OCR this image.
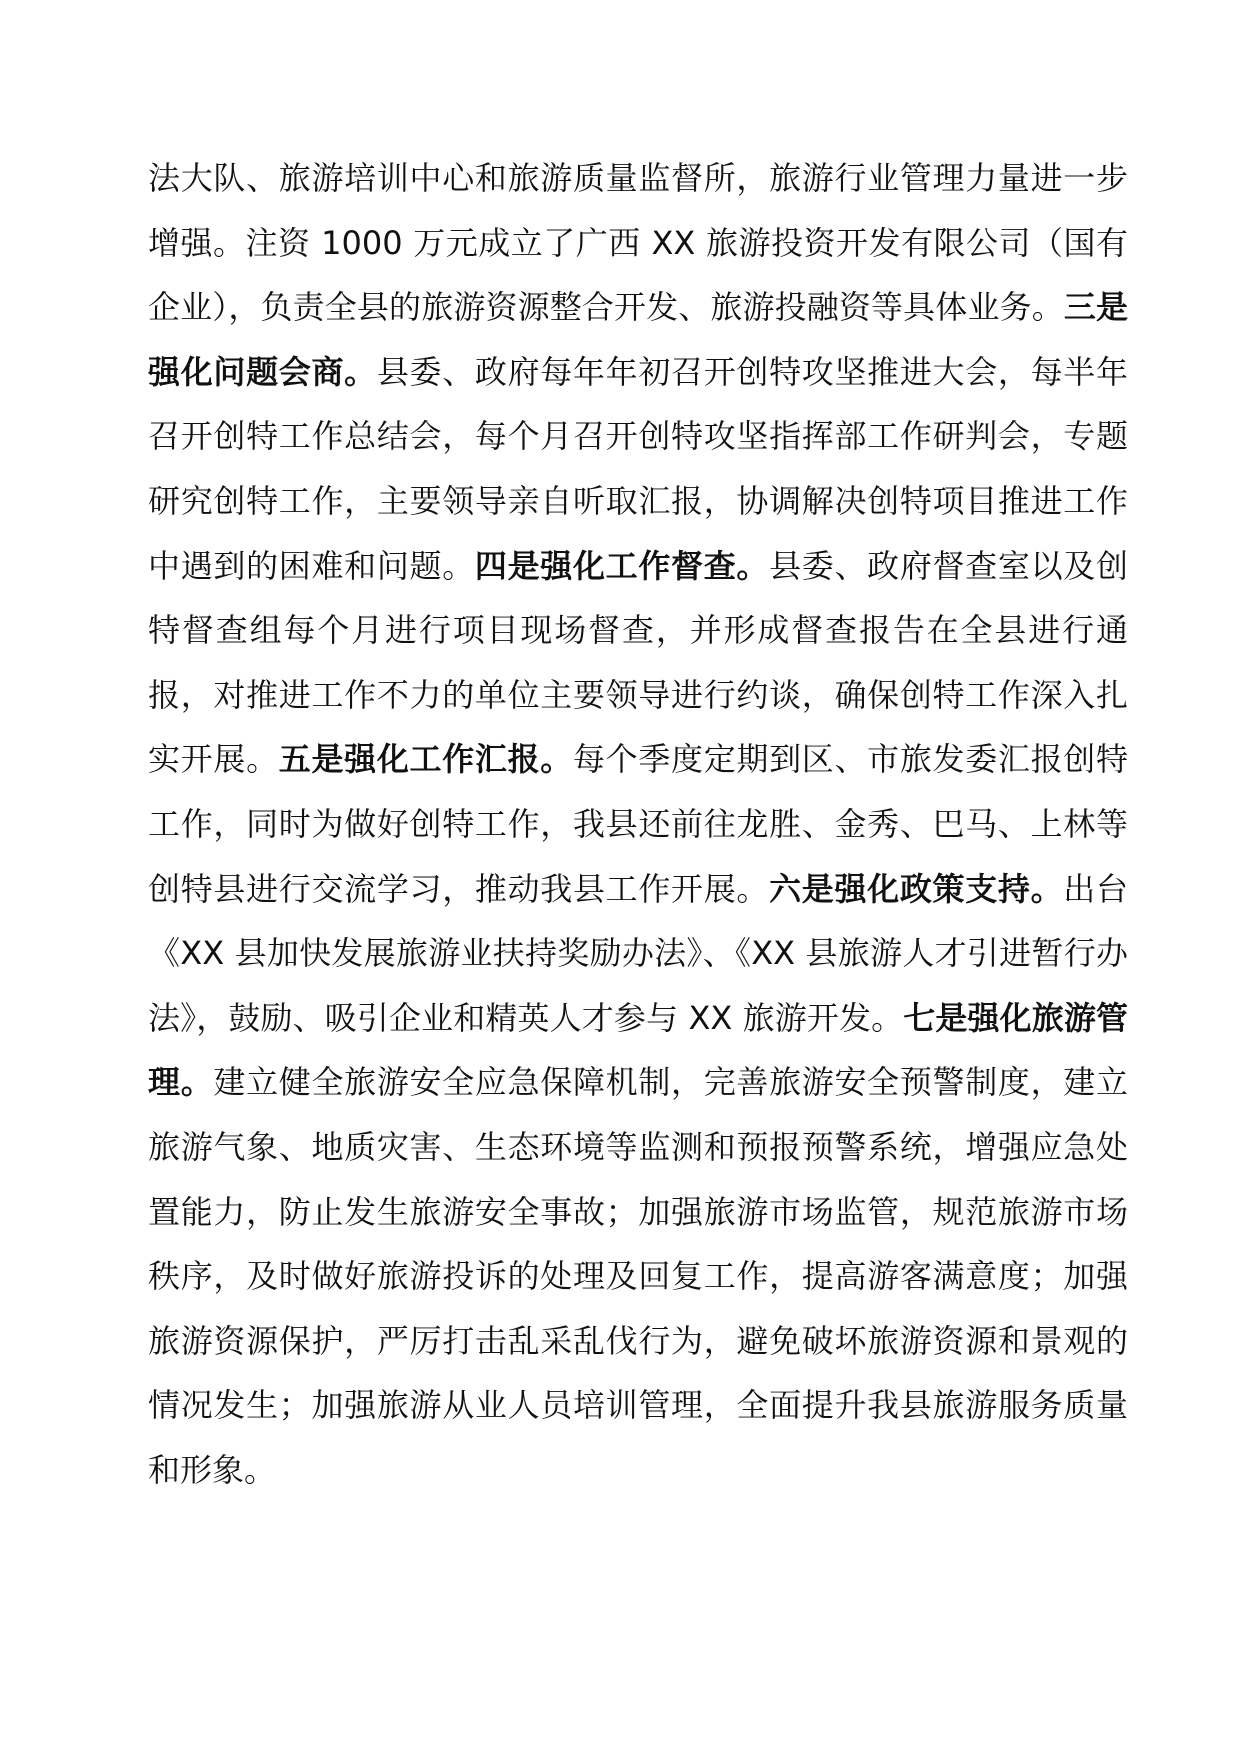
法大队、旅游培训中心和旅游质量监督所，旅游行业管理力量进一步增强。注资 1000 万元成立了广西 XX 旅游投资开发有限公司（国有企业），负责全县的旅游资源整合开发、旅游投融资等具体业务。三是强化问题会商。县委、政府每年年初召开创特攻坚推进大会，每半年召开创特工作总结会，每个月召开创特攻坚指挥部工作研判会，专题研究创特工作，主要领导亲自听取汇报，协调解决创特项目推进工作中遇到的困难和问题。四是强化工作督查。县委、政府督查室以及创特督查组每个月进行项目现场督查，并形成督查报告在全县进行通报，对推进工作不力的单位主要领导进行约谈，确保创特工作深入扎实开展。五是强化工作汇报。每个季度定期到区、市旅发委汇报创特工作，同时为做好创特工作，我县还前往龙胜、金秀、巴马、上林等创特县进行交流学习，推动我县工作开展。六是强化政策支持。出台《XX 县加快发展旅游业扶持奖励办法》、《XX 县旅游人才引进暂行办法》，鼓励、吸引企业和精英人才参与 XX 旅游开发。七是强化旅游管理。建立健全旅游安全应急保障机制，完善旅游安全预警制度，建立旅游气象、地质灾害、生态环境等监测和预报预警系统，增强应急处置能力，防止发生旅游安全事故；加强旅游市场监管，规范旅游市场秩序，及时做好旅游投诉的处理及回复工作，提高游客满意度；加强旅游资源保护，严厉打击乱采乱伐行为，避免破坏旅游资源和景观的情况发生；加强旅游从业人员培训管理，全面提升我县旅游服务质量和形象。
